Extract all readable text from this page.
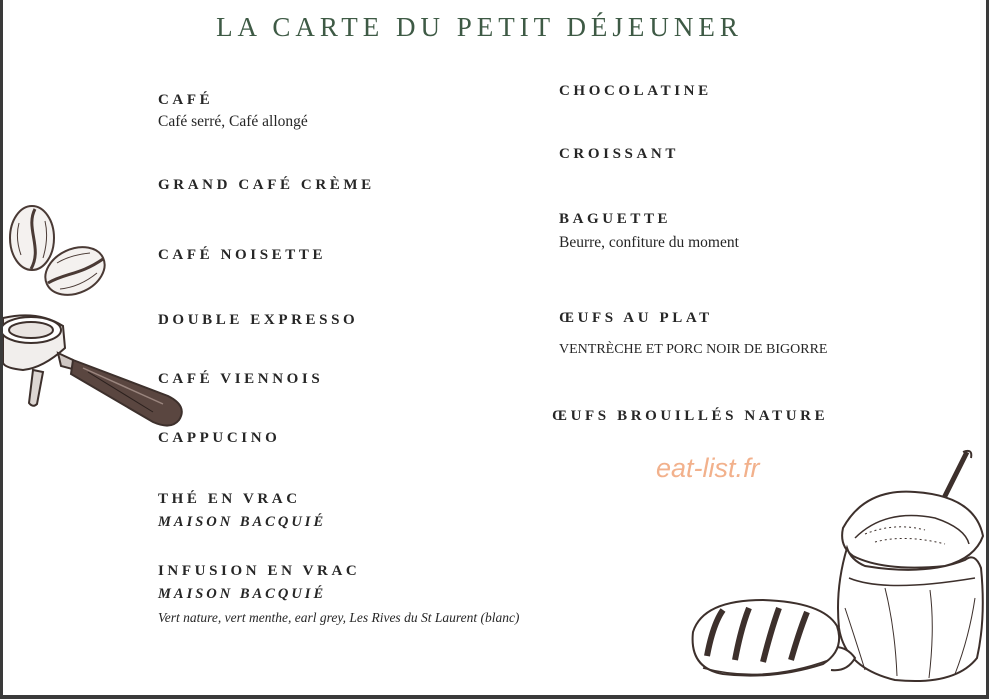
LA CARTE DU PETIT DÉJEUNER
CAFÉ
Café serré, Café allongé
GRAND CAFÉ CRÈME
CAFÉ NOISETTE
DOUBLE EXPRESSO
CAFÉ VIENNOIS
CAPPUCINO
THÉ EN VRAC
MAISON BACQUIÉ
INFUSION EN VRAC
MAISON BACQUIÉ
Vert nature, vert menthe, earl grey, Les Rives du St Laurent (blanc)
CHOCOLATINE
CROISSANT
BAGUETTE
Beurre, confiture du moment
ŒUFS AU PLAT
VENTRÈCHE ET PORC NOIR DE BIGORRE
ŒUFS BROUILLÉS NATURE
eat-list.fr
